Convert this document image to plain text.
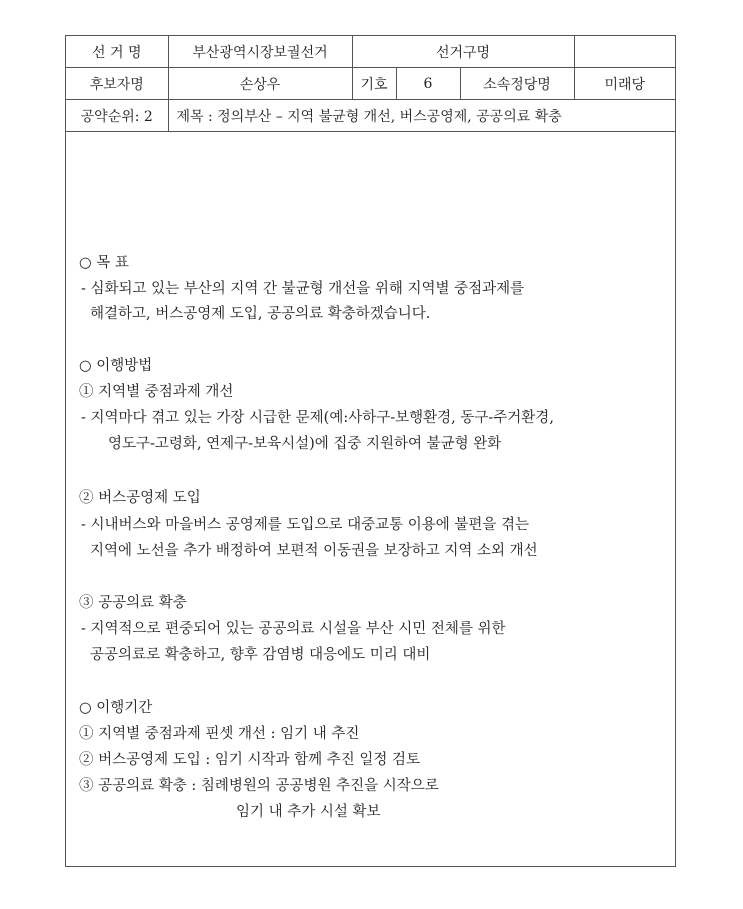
선 거 명	부산광역시장보궐선거	선거구명			
후보자명	손상우	기호	6	소속정당명	미래당
공약순위: 2	제목 : 정의부산 – 지역 불균형 개선, 버스공영제, 공공의료 확충				
○ 목 표
- 심화되고 있는 부산의 지역 간 불균형 개선을 위해 지역별 중점과제를
해결하고, 버스공영제 도입, 공공의료 확충하겠습니다.
○ 이행방법
① 지역별 중점과제 개선
- 지역마다 겪고 있는 가장 시급한 문제(예:사하구-보행환경, 동구-주거환경,
영도구-고령화, 연제구-보육시설)에 집중 지원하여 불균형 완화
② 버스공영제 도입
- 시내버스와 마을버스 공영제를 도입으로 대중교통 이용에 불편을 겪는
지역에 노선을 추가 배정하여 보편적 이동권을 보장하고 지역 소외 개선
③ 공공의료 확충
- 지역적으로 편중되어 있는 공공의료 시설을 부산 시민 전체를 위한
공공의료로 확충하고, 향후 감염병 대응에도 미리 대비
○ 이행기간
① 지역별 중점과제 핀셋 개선 : 임기 내 추진
② 버스공영제 도입 : 임기 시작과 함께 추진 일정 검토
③ 공공의료 확충 : 침례병원의 공공병원 추진을 시작으로
임기 내 추가 시설 확보
